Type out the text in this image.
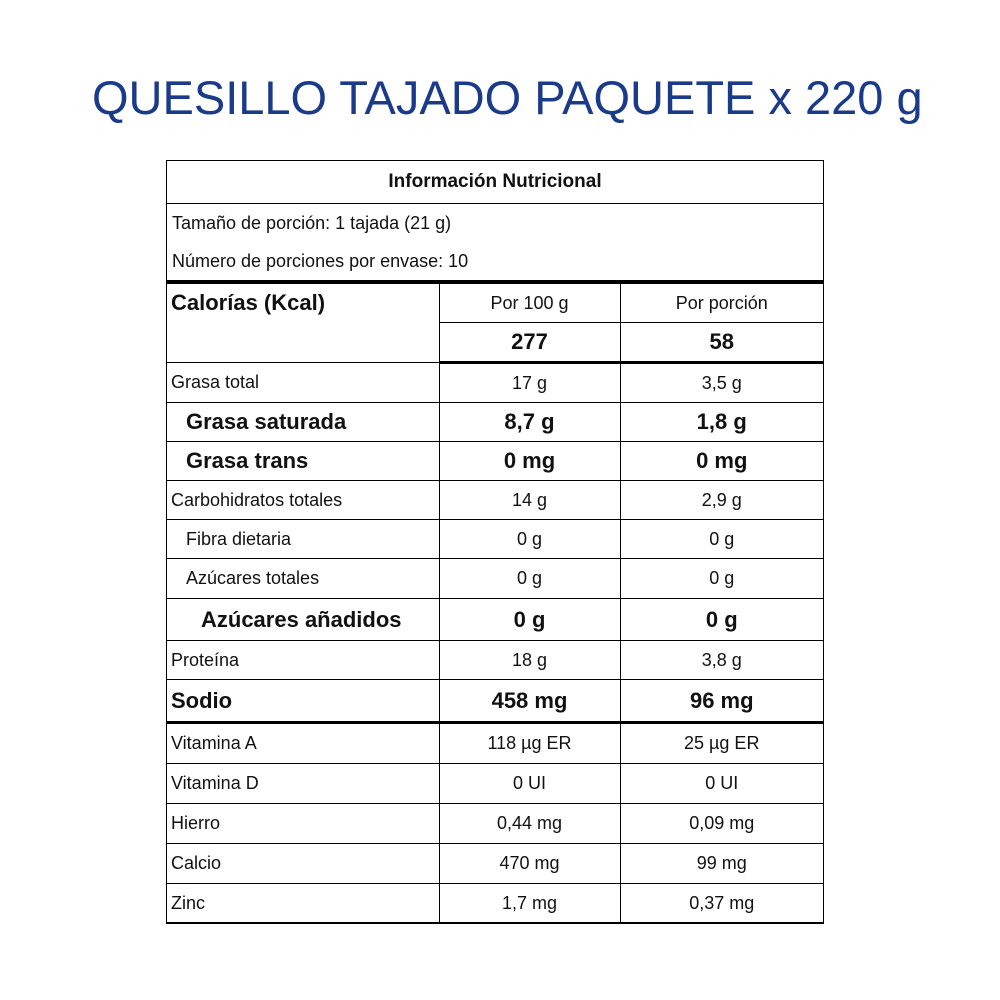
QUESILLO TAJADO PAQUETE x 220 g
Información Nutricional
Tamaño de porción: 1 tajada (21 g)
Número de porciones por envase: 10
Calorías (Kcal)	Por 100 g	Por porción
	277	58
Grasa total	17 g	3,5 g
Grasa saturada	8,7 g	1,8 g
Grasa trans	0 mg	0 mg
Carbohidratos totales	14 g	2,9 g
Fibra dietaria	0 g	0 g
Azúcares totales	0 g	0 g
Azúcares añadidos	0 g	0 g
Proteína	18 g	3,8 g
Sodio	458 mg	96 mg
Vitamina A	118 µg ER	25 µg ER
Vitamina D	0 UI	0 UI
Hierro	0,44 mg	0,09 mg
Calcio	470 mg	99 mg
Zinc	1,7 mg	0,37 mg
